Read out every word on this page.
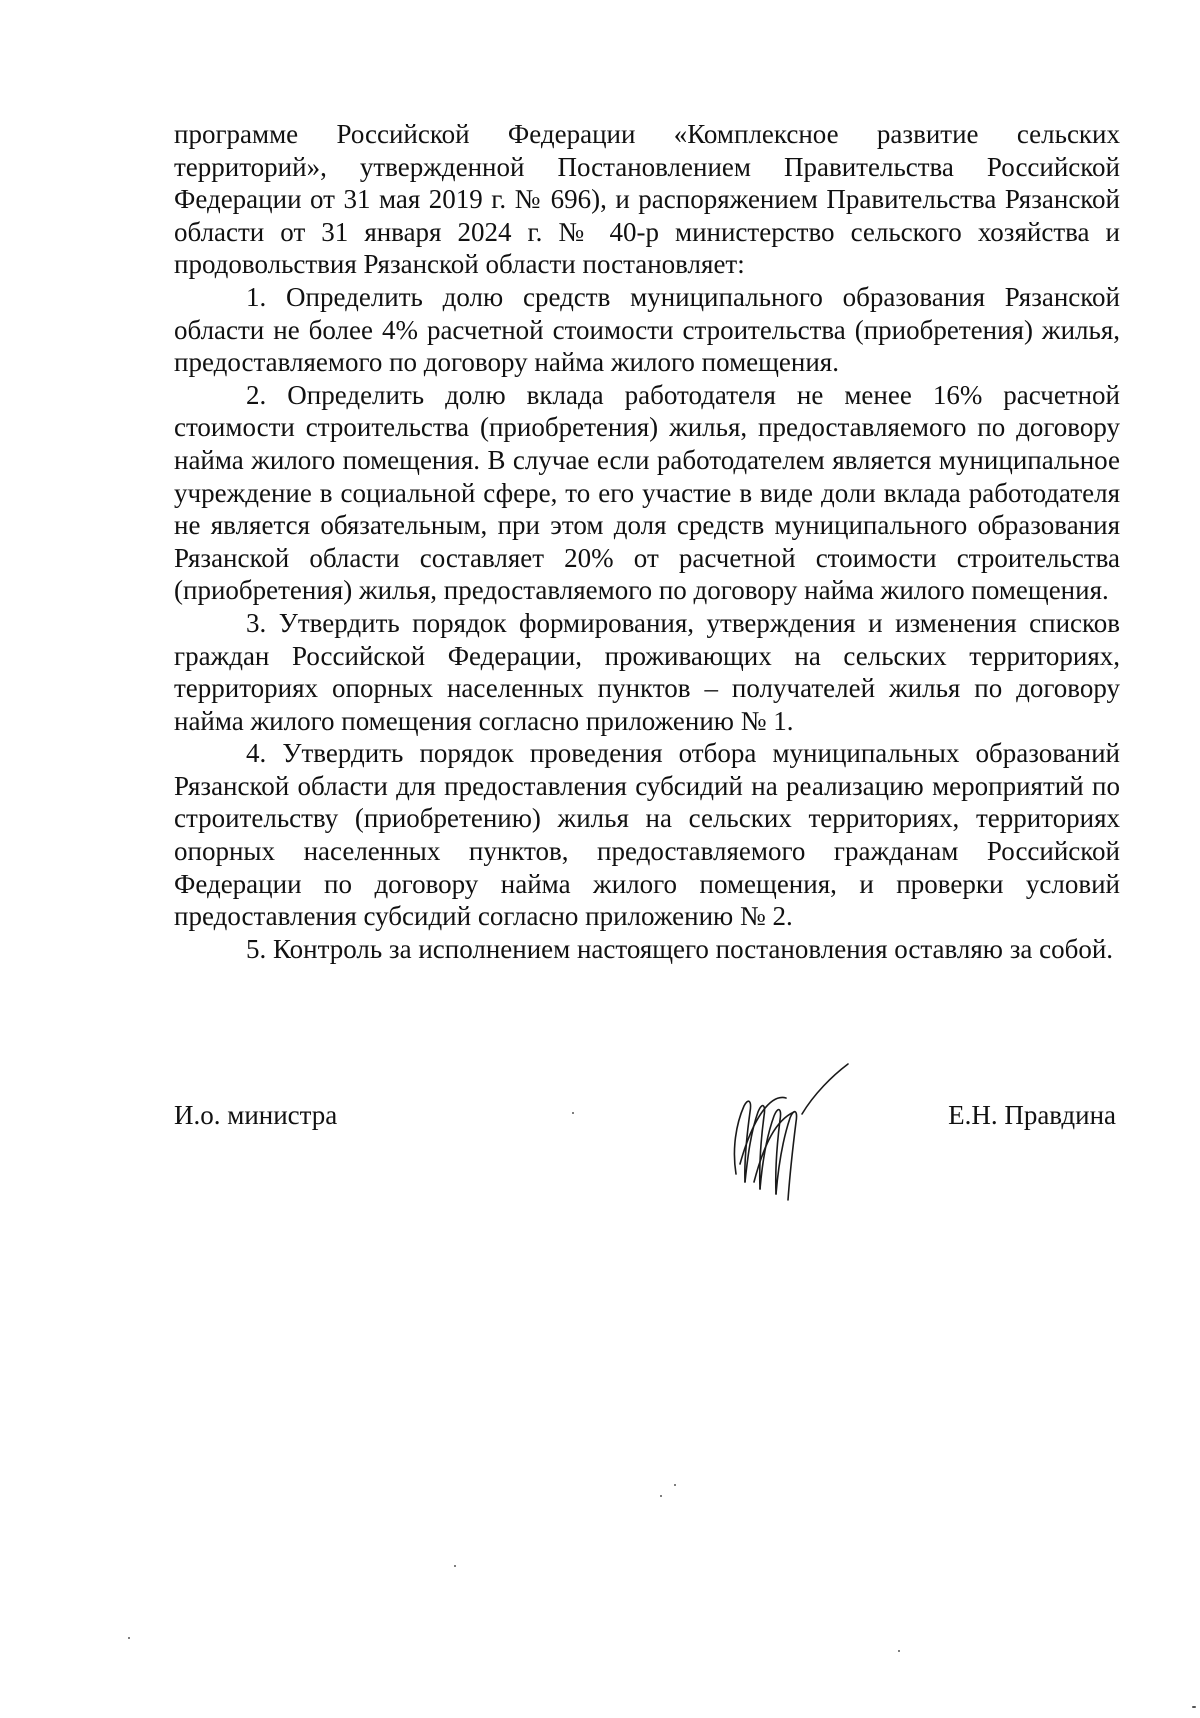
программе Российской Федерации «Комплексное развитие сельских территорий», утвержденной Постановлением Правительства Российской Федерации от 31 мая 2019 г. № 696), и распоряжением Правительства Рязанской области от 31 января 2024 г. № 40-р министерство сельского хозяйства и продовольствия Рязанской области постановляет:

1. Определить долю средств муниципального образования Рязанской области не более 4% расчетной стоимости строительства (приобретения) жилья, предоставляемого по договору найма жилого помещения.

2. Определить долю вклада работодателя не менее 16% расчетной стоимости строительства (приобретения) жилья, предоставляемого по договору найма жилого помещения. В случае если работодателем является муниципальное учреждение в социальной сфере, то его участие в виде доли вклада работодателя не является обязательным, при этом доля средств муниципального образования Рязанской области составляет 20% от расчетной стоимости строительства (приобретения) жилья, предоставляемого по договору найма жилого помещения.

3. Утвердить порядок формирования, утверждения и изменения списков граждан Российской Федерации, проживающих на сельских территориях, территориях опорных населенных пунктов – получателей жилья по договору найма жилого помещения согласно приложению № 1.

4. Утвердить порядок проведения отбора муниципальных образований Рязанской области для предоставления субсидий на реализацию мероприятий по строительству (приобретению) жилья на сельских территориях, территориях опорных населенных пунктов, предоставляемого гражданам Российской Федерации по договору найма жилого помещения, и проверки условий предоставления субсидий согласно приложению № 2.

5. Контроль за исполнением настоящего постановления оставляю за собой.

И.о. министра	Е.Н. Правдина
